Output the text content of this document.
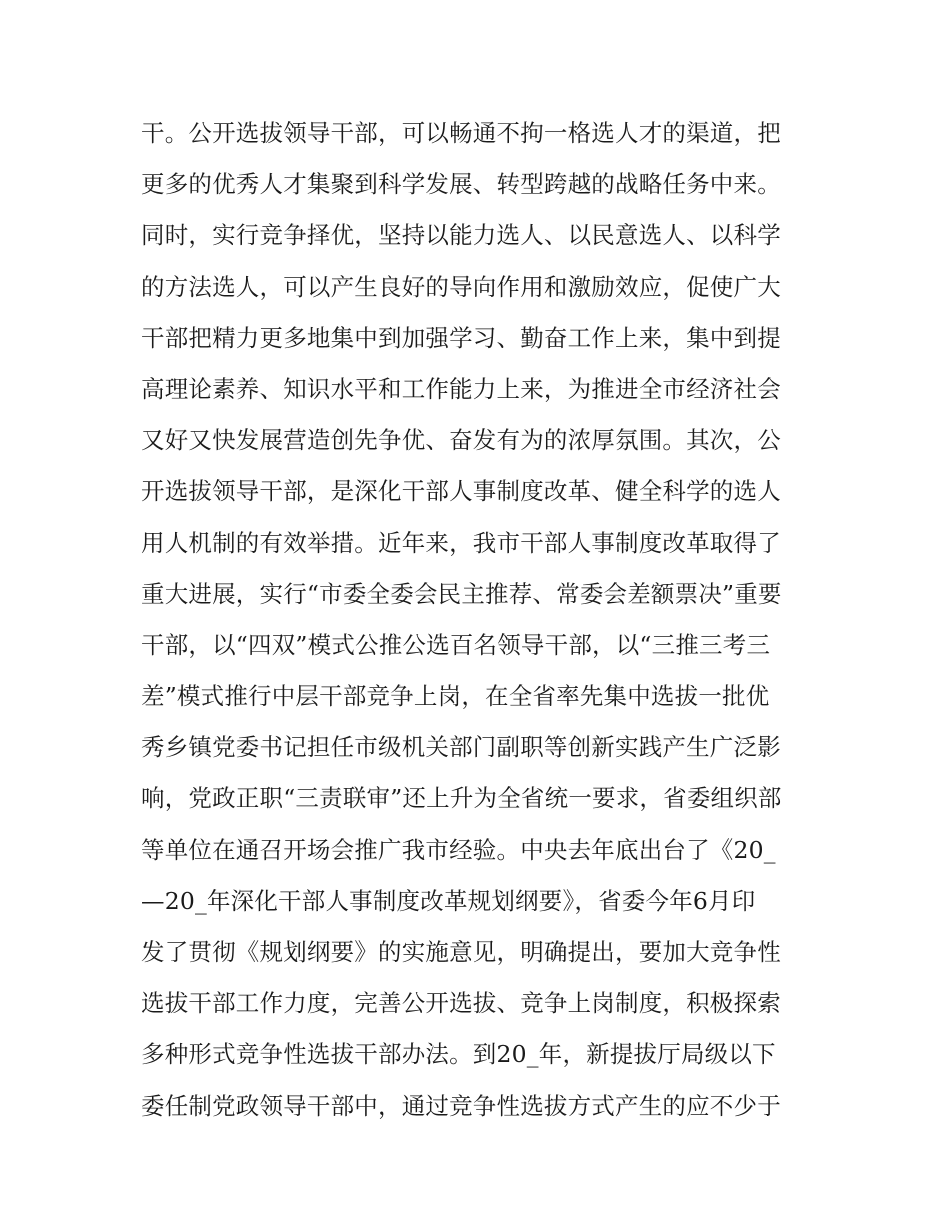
干。公开选拔领导干部，可以畅通不拘一格选人才的渠道，把
更多的优秀人才集聚到科学发展、转型跨越的战略任务中来。
同时，实行竞争择优，坚持以能力选人、以民意选人、以科学
的方法选人，可以产生良好的导向作用和激励效应，促使广大
干部把精力更多地集中到加强学习、勤奋工作上来，集中到提
高理论素养、知识水平和工作能力上来，为推进全市经济社会
又好又快发展营造创先争优、奋发有为的浓厚氛围。其次，公
开选拔领导干部，是深化干部人事制度改革、健全科学的选人
用人机制的有效举措。近年来，我市干部人事制度改革取得了
重大进展，实行“市委全委会民主推荐、常委会差额票决”重要
干部，以“四双”模式公推公选百名领导干部，以“三推三考三
差”模式推行中层干部竞争上岗，在全省率先集中选拔一批优
秀乡镇党委书记担任市级机关部门副职等创新实践产生广泛影
响，党政正职“三责联审”还上升为全省统一要求，省委组织部
等单位在通召开场会推广我市经验。中央去年底出台了《20_
—20_年深化干部人事制度改革规划纲要》，省委今年6月印
发了贯彻《规划纲要》的实施意见，明确提出，要加大竞争性
选拔干部工作力度，完善公开选拔、竞争上岗制度，积极探索
多种形式竞争性选拔干部办法。到20_年，新提拔厅局级以下
委任制党政领导干部中，通过竞争性选拔方式产生的应不少于
